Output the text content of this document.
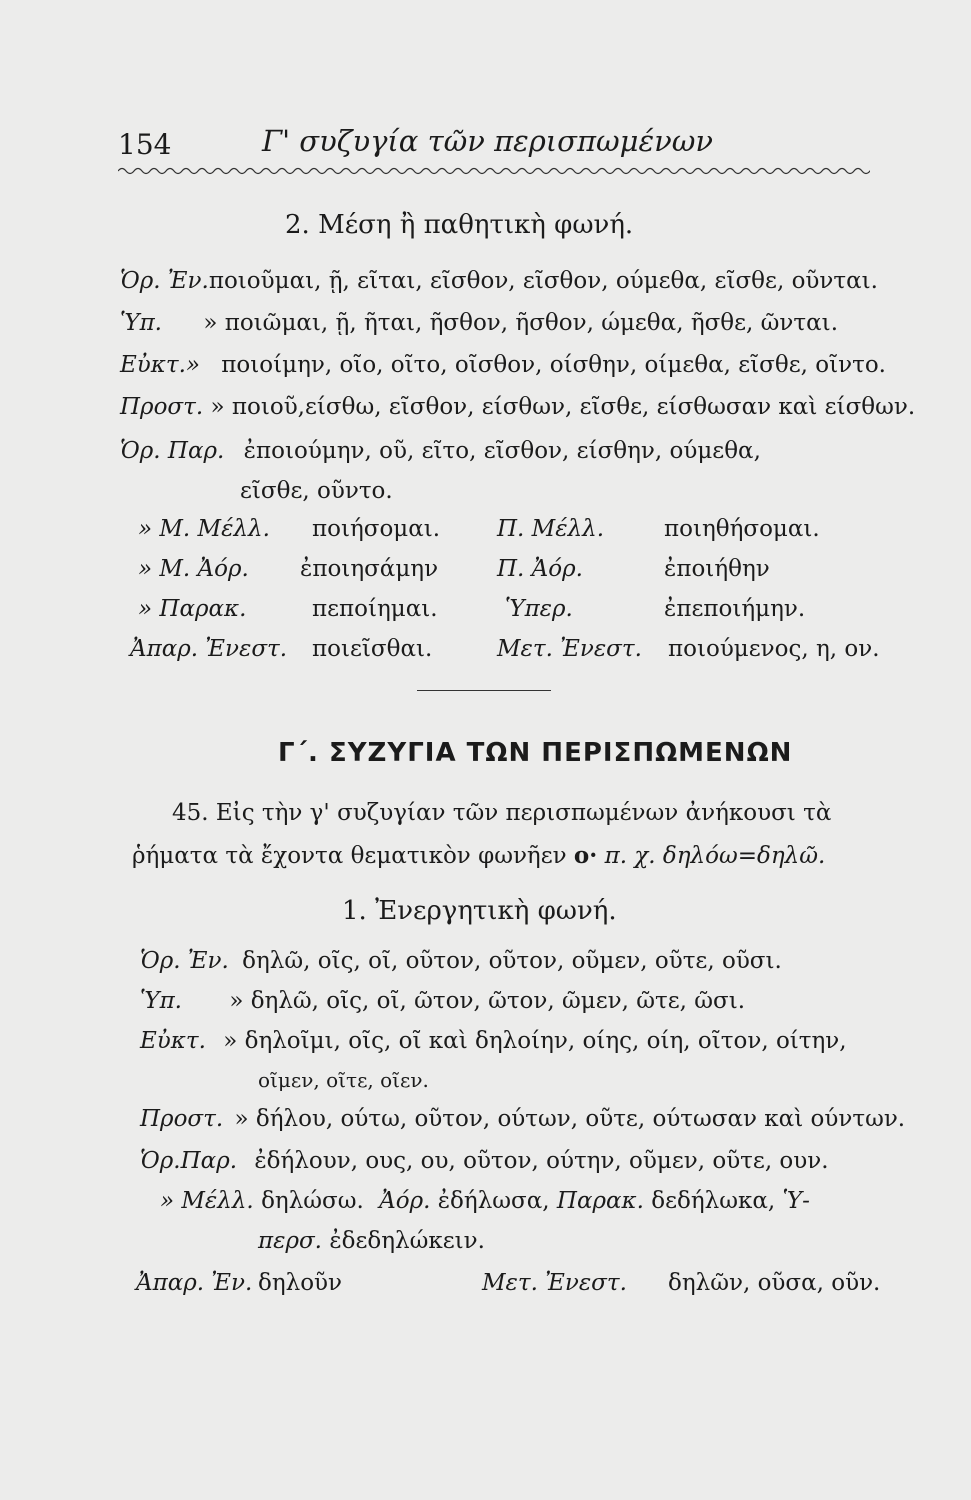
154	Γ' συζυγία τῶν περισπωμένων
2. Μέση ἢ παθητικὴ φωνή.
Ὁρ. Ἐν.ποιοῦμαι, ῇ, εῖται, εῖσθον, εῖσθον, ούμεθα, εῖσθε, οῦνται.
Ὑπ. » ποιῶμαι, ῇ, ῆται, ῆσθον, ῆσθον, ώμεθα, ῆσθε, ῶνται.
Εὐκτ.» ποιοίμην, οῖο, οῖτο, οῖσθον, οίσθην, οίμεθα, εῖσθε, οῖντο.
Προστ. » ποιοῦ,είσθω, εῖσθον, είσθων, εῖσθε, είσθωσαν καὶ είσθων.
Ὁρ. Παρ. ἐποιούμην, οῦ, εῖτο, εῖσθον, είσθην, ούμεθα,
εῖσθε, οῦντο.
» Μ. Μέλλ. ποιήσομαι. Π. Μέλλ.	ποιηθήσομαι.
» Μ. Ἀόρ. ἐποιησάμην	Π. Ἀόρ.	ἐποιήθην
» Παρακ.	πεποίημαι.	Ὑπερ.	ἐπεποιήμην.
Ἀπαρ. Ἐνεστ. ποιεῖσθαι.	Μετ. Ἐνεστ. ποιούμενος, η, ον.
Γ΄. ΣΥΖΥΓΙΑ ΤΩΝ ΠΕΡΙΣΠΩΜΕΝΩΝ
45. Εἰς τὴν γ' συζυγίαν τῶν περισπωμένων ἀνήκουσι τὰ
ῥήματα τὰ ἔχοντα θεματικὸν φωνῆεν ο· π. χ. δηλόω=δηλῶ.
1. Ἐνεργητικὴ φωνή.
Ὁρ. Ἐν. δηλῶ, οῖς, οῖ, οῦτον, οῦτον, οῦμεν, οῦτε, οῦσι.
Ὑπ. » δηλῶ, οῖς, οῖ, ῶτον, ῶτον, ῶμεν, ῶτε, ῶσι.
Εὐκτ. » δηλοῖμι, οῖς, οῖ καὶ δηλοίην, οίης, οίη, οῖτον, οίτην,
οῖμεν, οῖτε, οῖεν.
Προστ. » δήλου, ούτω, οῦτον, ούτων, οῦτε, ούτωσαν καὶ ούντων.
Ὁρ.Παρ. ἐδήλουν, ους, ου, οῦτον, ούτην, οῦμεν, οῦτε, ουν.
» Μέλλ. δηλώσω. Ἀόρ. ἐδήλωσα, Παρακ. δεδήλωκα, Ὑ-
περσ. ἐδεδηλώκειν.
Ἀπαρ. Ἐν. δηλοῦν	Μετ. Ἐνεστ. δηλῶν, οῦσα, οῦν.
